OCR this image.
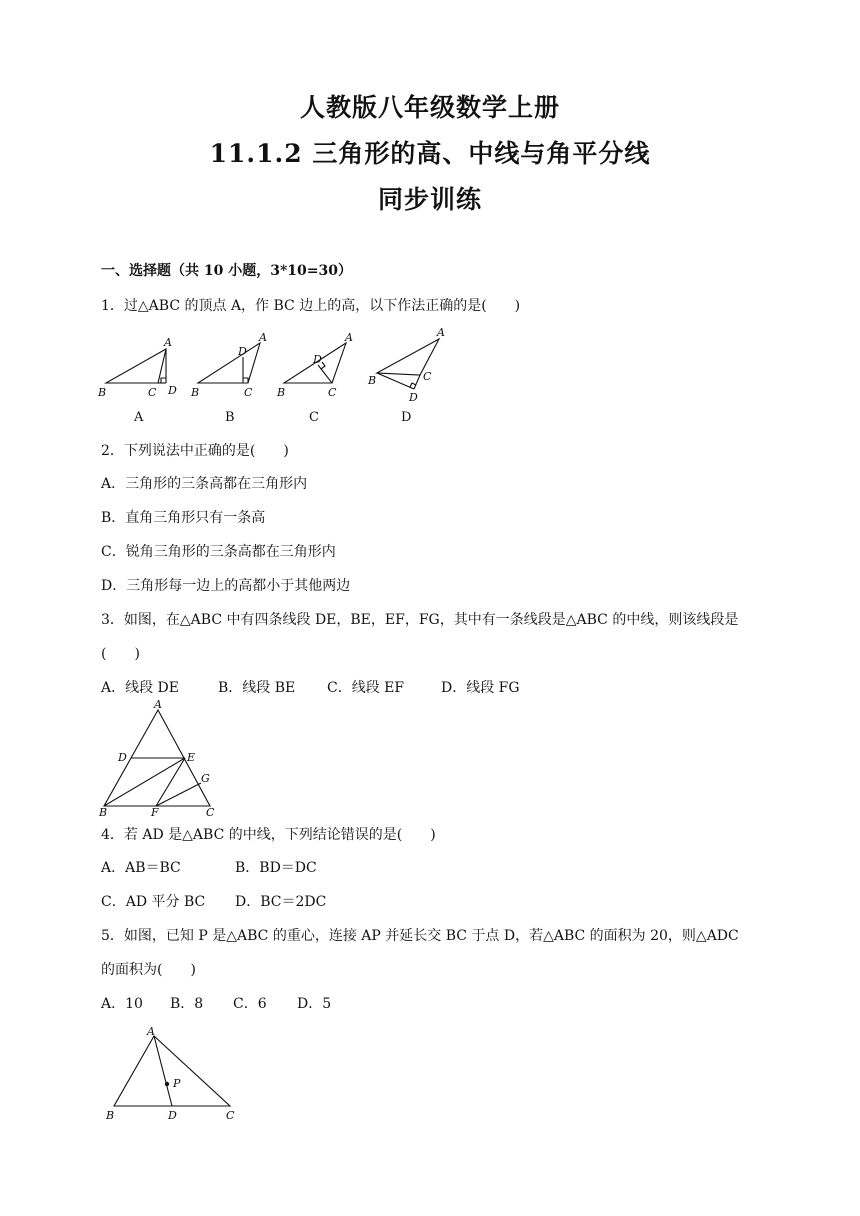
人教版八年级数学上册
11.1.2 三角形的高、中线与角平分线
同步训练
一、选择题（共 10 小题，3*10=30）
1．过△ABC 的顶点 A，作 BC 边上的高，以下作法正确的是(　　)
A
B	C D
A
A
B	C
D
B
A
B	C
D
C
A
B	C
D
D
2．下列说法中正确的是(　　)
A．三角形的三条高都在三角形内
B．直角三角形只有一条高
C．锐角三角形的三条高都在三角形内
D．三角形每一边上的高都小于其他两边
3．如图，在△ABC 中有四条线段 DE，BE，EF，FG，其中有一条线段是△ABC 的中线，则该线段是
(　　)
A．线段 DE	B．线段 BE C．线段 EF	D．线段 FG
A
B	C
D	E
F
G
4．若 AD 是△ABC 的中线，下列结论错误的是(　　)
A．AB＝BC	B．BD＝DC
C．AD 平分 BC D．BC＝2DC
5．如图，已知 P 是△ABC 的重心，连接 AP 并延长交 BC 于点 D，若△ABC 的面积为 20，则△ADC
的面积为(　　)
A．10 B．8 C．6 D．5
A
B	C
D
P
